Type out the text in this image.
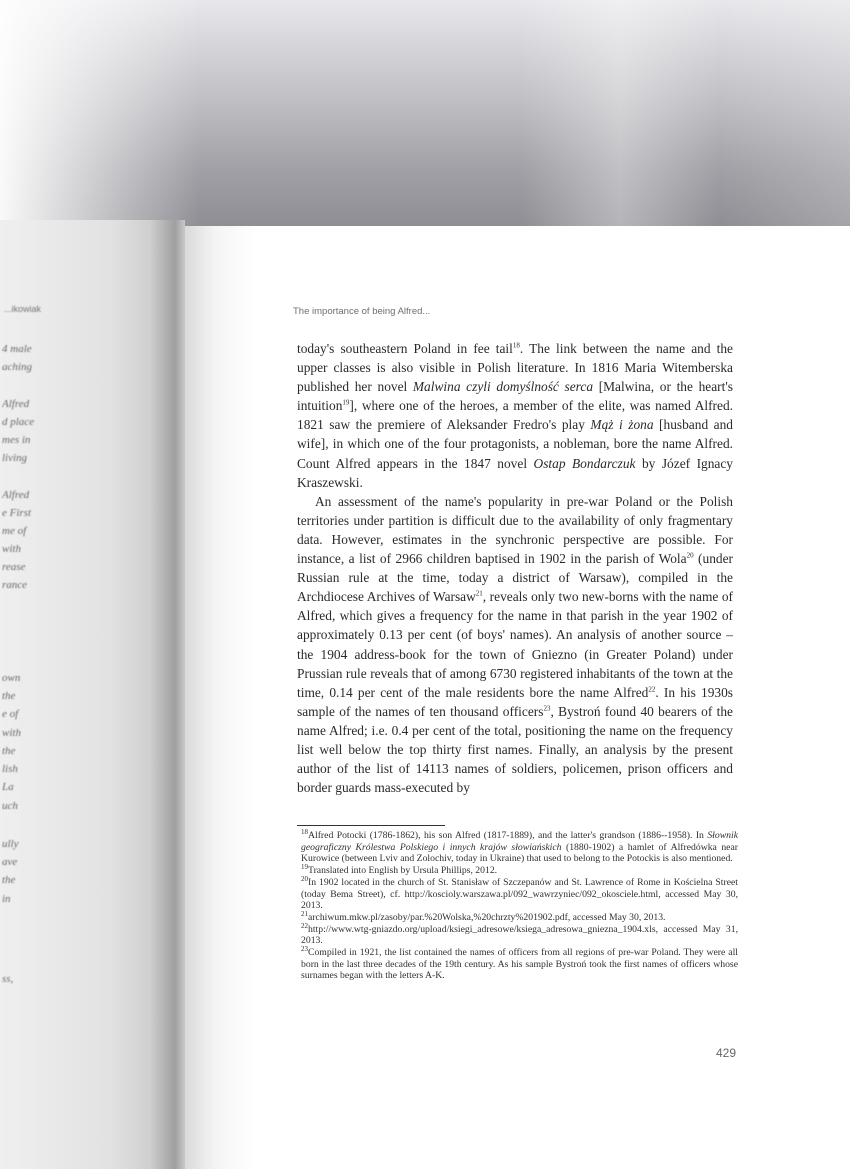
...ikowiak
4 male
aching
Alfred
d place
mes in
living
Alfred
e First
me of
with
rease
rance
own
the
e of
with
the
lish
La
uch
ully
ave
the
in
ss,
The importance of being Alfred...

today's southeastern Poland in fee tail$^{18}$. The link between the name and the upper classes is also visible in Polish literature. In 1816 Maria Witemberska published her novel Malwina czyli domyślność serca [Malwina, or the heart's intuition$^{19}$], where one of the heroes, a member of the elite, was named Alfred. 1821 saw the premiere of Aleksander Fredro's play Mąż i żona [husband and wife], in which one of the four protagonists, a nobleman, bore the name Alfred. Count Alfred appears in the 1847 novel Ostap Bondarczuk by Józef Ignacy Kraszewski.

An assessment of the name's popularity in pre-war Poland or the Polish territories under partition is difficult due to the availability of only fragmentary data. However, estimates in the synchronic perspective are possible. For instance, a list of 2966 children baptised in 1902 in the parish of Wola$^{20}$ (under Russian rule at the time, today a district of Warsaw), compiled in the Archdiocese Archives of Warsaw$^{21}$, reveals only two new-borns with the name of Alfred, which gives a frequency for the name in that parish in the year 1902 of approximately 0.13 per cent (of boys' names). An analysis of another source – the 1904 address-book for the town of Gniezno (in Greater Poland) under Prussian rule reveals that of among 6730 registered inhabitants of the town at the time, 0.14 per cent of the male residents bore the name Alfred$^{22}$. In his 1930s sample of the names of ten thousand officers$^{23}$, Bystroń found 40 bearers of the name Alfred; i.e. 0.4 per cent of the total, positioning the name on the frequency list well below the top thirty first names. Finally, an analysis by the present author of the list of 14113 names of soldiers, policemen, prison officers and border guards mass-executed by

$^{18}$Alfred Potocki (1786-1862), his son Alfred (1817-1889), and the latter's grandson (1886--1958). In Słownik geograficzny Królestwa Polskiego i innych krajów słowiańskich (1880-1902) a hamlet of Alfredówka near Kurowice (between Lviv and Zolochiv, today in Ukraine) that used to belong to the Potockis is also mentioned.

$^{19}$Translated into English by Ursula Phillips, 2012.

$^{20}$In 1902 located in the church of St. Stanisław of Szczepanów and St. Lawrence of Rome in Kościelna Street (today Bema Street), cf. http://koscioly.warszawa.pl/092_wawrzyniec/092_okosciele.html, accessed May 30, 2013.

$^{21}$archiwum.mkw.pl/zasoby/par.%20Wolska,%20chrzty%201902.pdf, accessed May 30, 2013.

$^{22}$http://www.wtg-gniazdo.org/upload/ksiegi_adresowe/ksiega_adresowa_gniezna_1904.xls, accessed May 31, 2013.

$^{23}$Compiled in 1921, the list contained the names of officers from all regions of pre-war Poland. They were all born in the last three decades of the 19th century. As his sample Bystroń took the first names of officers whose surnames began with the letters A-K.

429
